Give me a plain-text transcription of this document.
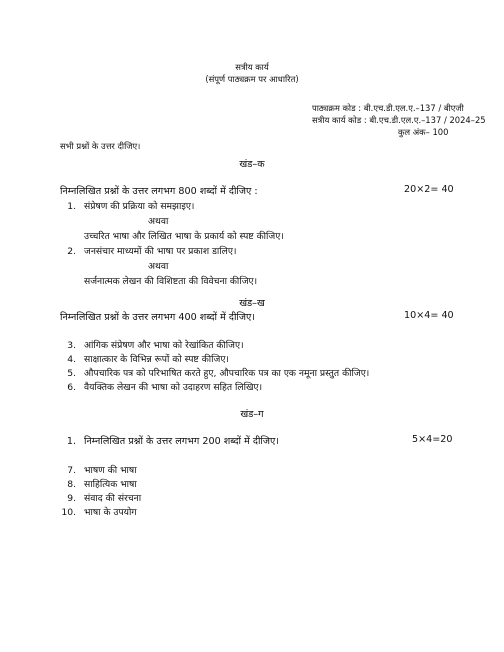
सत्रीय कार्य
(संपूर्ण पाठ्यक्रम पर आधारित)
पाठ्यक्रम कोड : बी.एच.डी.एल.ए.–137 / बीएजी
सत्रीय कार्य कोड : बी.एच.डी.एल.ए.–137 / 2024–25
कुल अंक– 100
सभी प्रश्नों के उत्तर दीजिए।
खंड–क
निम्नलिखित प्रश्नों के उत्तर लगभग 800 शब्दों में दीजिए :	20×2= 40
1. संप्रेषण की प्रक्रिया को समझाइए।
अथवा
उच्चरित भाषा और लिखित भाषा के प्रकार्य को स्पष्ट कीजिए।
2. जनसंचार माध्यमों की भाषा पर प्रकाश डालिए।
अथवा
सर्जनात्मक लेखन की विशिष्टता की विवेचना कीजिए।
खंड–ख
निम्नलिखित प्रश्नों के उत्तर लगभग 400 शब्दों में दीजिए।	10×4= 40
3. आंगिक संप्रेषण और भाषा को रेखांकित कीजिए।
4. साक्षात्कार के विभिन्न रूपों को स्पष्ट कीजिए।
5. औपचारिक पत्र को परिभाषित करते हुए, औपचारिक पत्र का एक नमूना प्रस्तुत कीजिए।
6. वैयक्तिक लेखन की भाषा को उदाहरण सहित लिखिए।
खंड–ग
1. निम्नलिखित प्रश्नों के उत्तर लगभग 200 शब्दों में दीजिए।	5×4=20
7. भाषण की भाषा
8. साहित्यिक भाषा
9. संवाद की संरचना
10. भाषा के उपयोग
